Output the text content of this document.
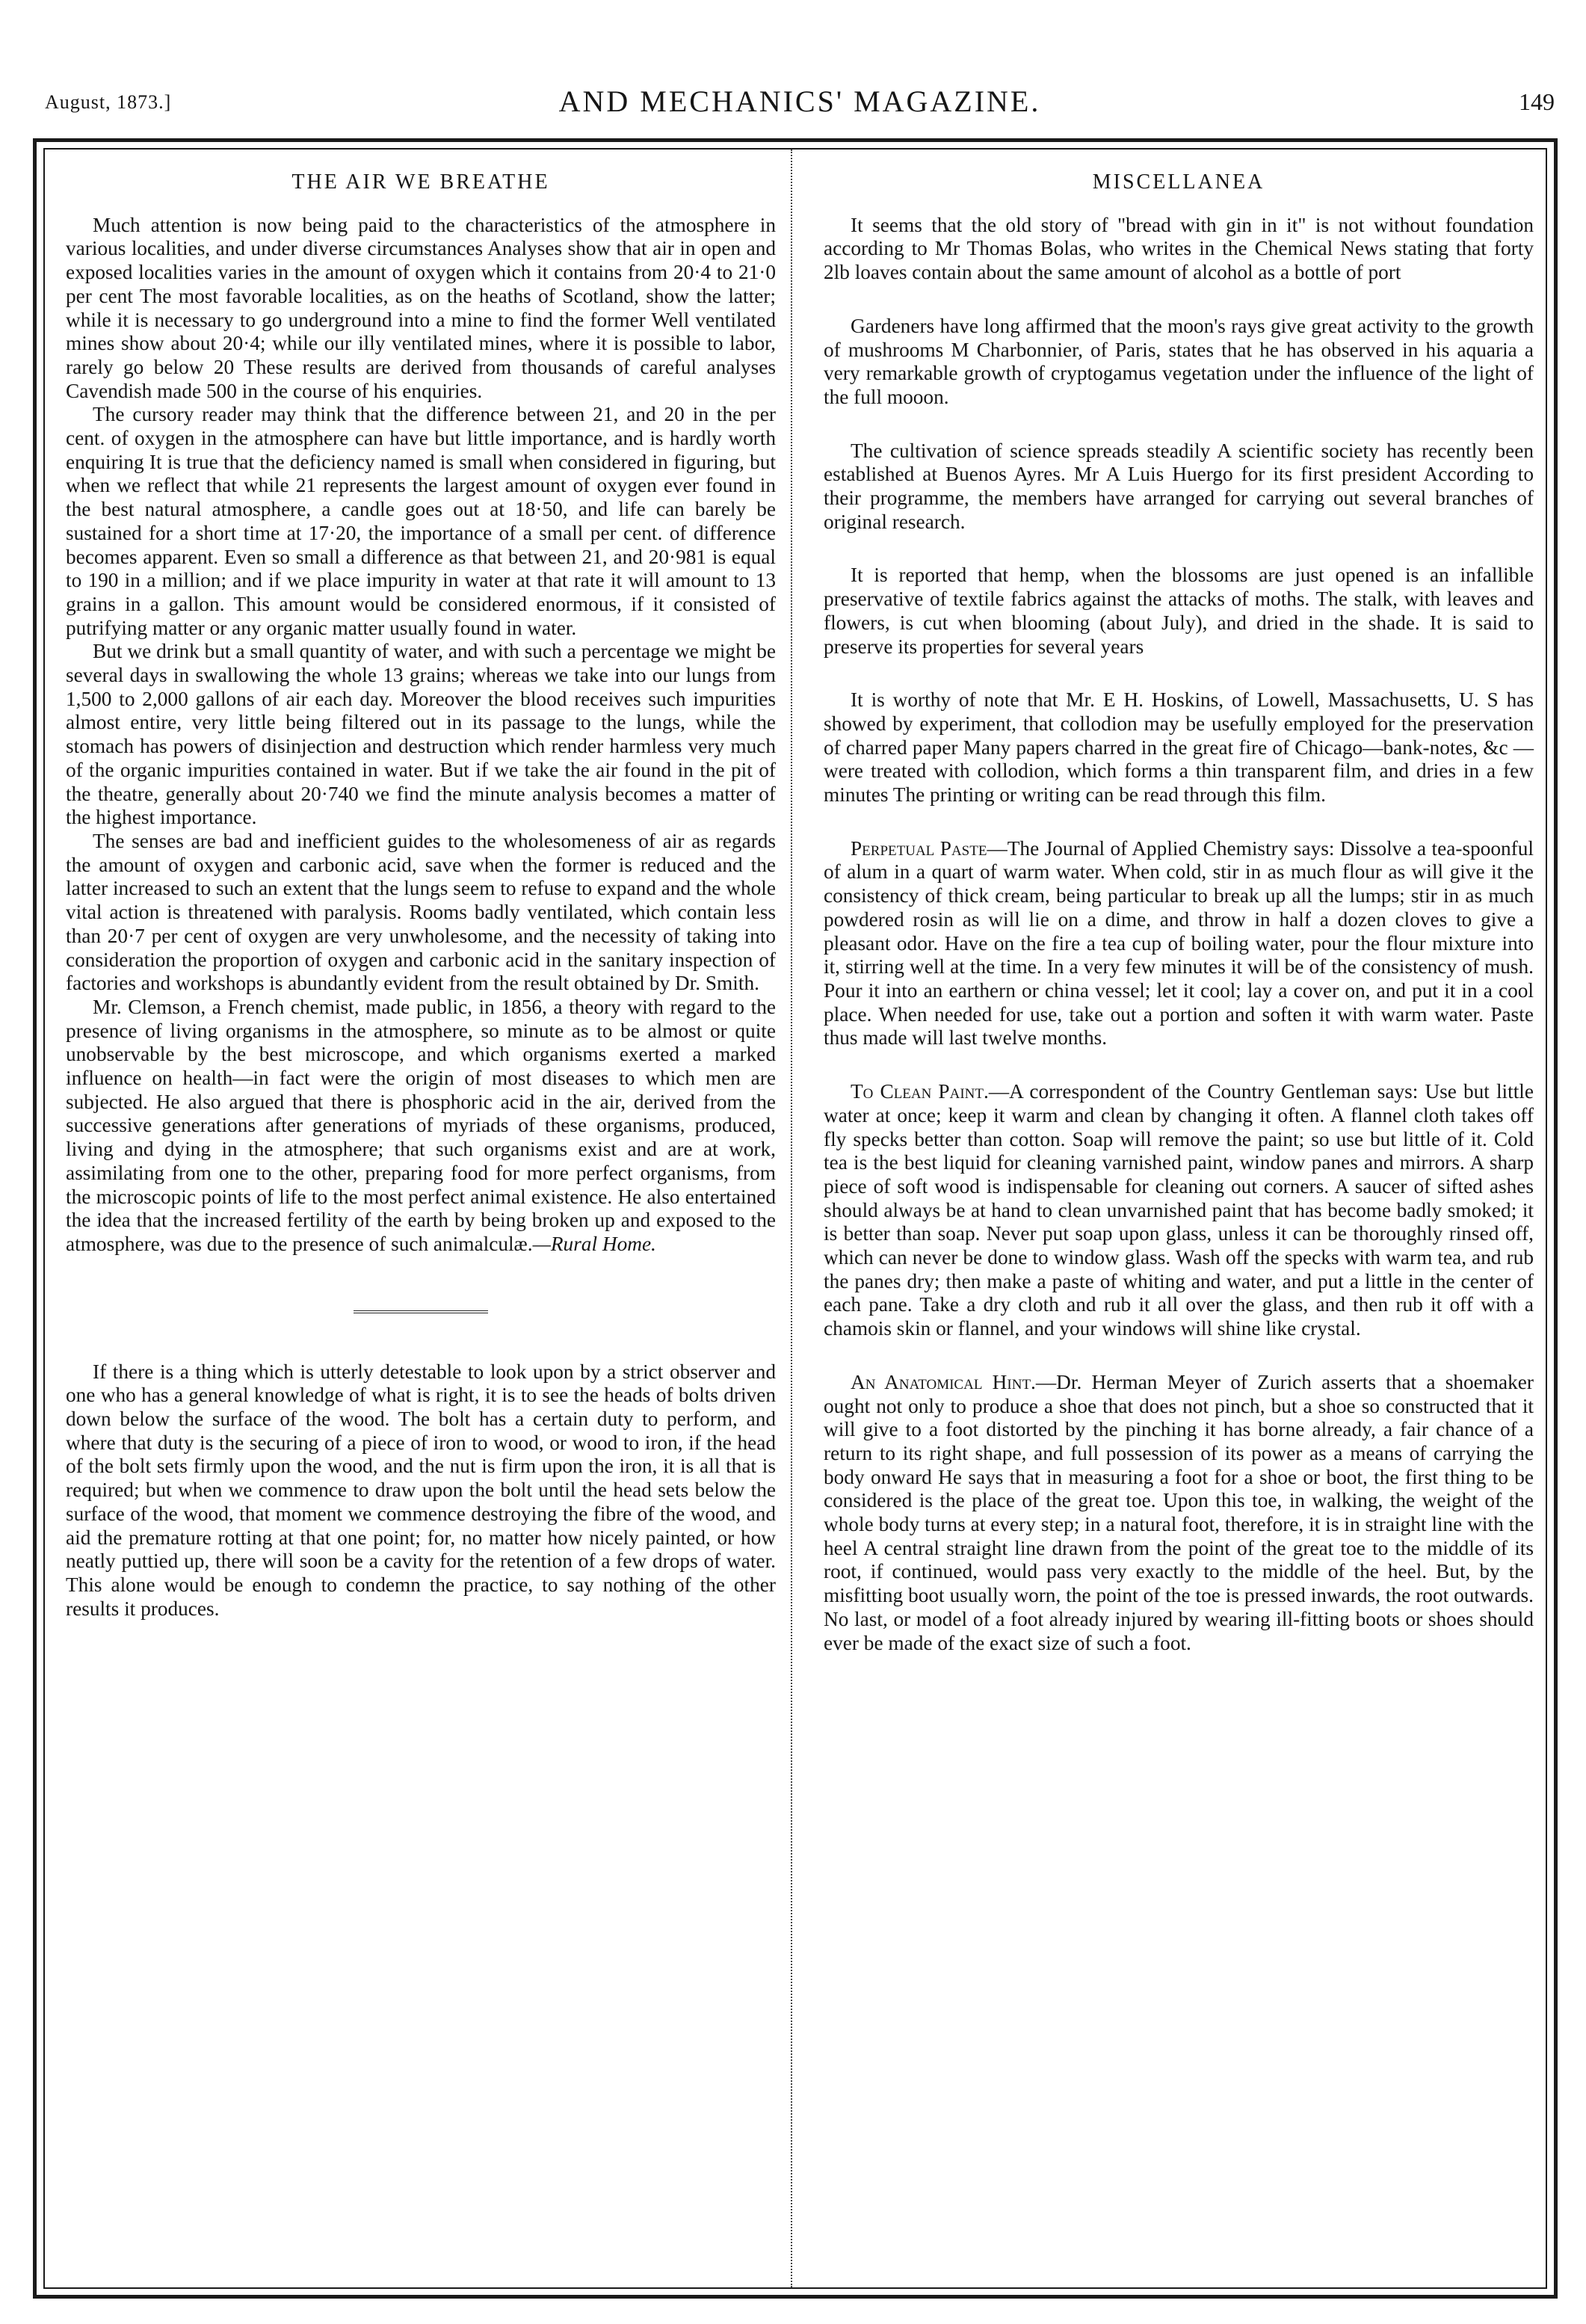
August, 1873.]	AND MECHANICS' MAGAZINE.	149
THE AIR WE BREATHE

Much attention is now being paid to the characteristics of the atmosphere in various localities, and under diverse circumstances Analyses show that air in open and exposed localities varies in the amount of oxygen which it contains from 20·4 to 21·0 per cent The most favorable localities, as on the heaths of Scotland, show the latter; while it is necessary to go underground into a mine to find the former Well ventilated mines show about 20·4; while our illy ventilated mines, where it is possible to labor, rarely go below 20 These results are derived from thousands of careful analyses Cavendish made 500 in the course of his enquiries.

The cursory reader may think that the difference between 21, and 20 in the per cent. of oxygen in the atmosphere can have but little importance, and is hardly worth enquiring It is true that the deficiency named is small when considered in figuring, but when we reflect that while 21 represents the largest amount of oxygen ever found in the best natural atmosphere, a candle goes out at 18·50, and life can barely be sustained for a short time at 17·20, the importance of a small per cent. of difference becomes apparent. Even so small a difference as that between 21, and 20·981 is equal to 190 in a million; and if we place impurity in water at that rate it will amount to 13 grains in a gallon. This amount would be considered enormous, if it consisted of putrifying matter or any organic matter usually found in water.

But we drink but a small quantity of water, and with such a percentage we might be several days in swallowing the whole 13 grains; whereas we take into our lungs from 1,500 to 2,000 gallons of air each day. Moreover the blood receives such impurities almost entire, very little being filtered out in its passage to the lungs, while the stomach has powers of disinjection and destruction which render harmless very much of the organic impurities contained in water. But if we take the air found in the pit of the theatre, generally about 20·740 we find the minute analysis becomes a matter of the highest importance.

The senses are bad and inefficient guides to the wholesomeness of air as regards the amount of oxygen and carbonic acid, save when the former is reduced and the latter increased to such an extent that the lungs seem to refuse to expand and the whole vital action is threatened with paralysis. Rooms badly ventilated, which contain less than 20·7 per cent of oxygen are very unwholesome, and the necessity of taking into consideration the proportion of oxygen and carbonic acid in the sanitary inspection of factories and workshops is abundantly evident from the result obtained by Dr. Smith.

Mr. Clemson, a French chemist, made public, in 1856, a theory with regard to the presence of living organisms in the atmosphere, so minute as to be almost or quite unobservable by the best microscope, and which organisms exerted a marked influence on health—in fact were the origin of most diseases to which men are subjected. He also argued that there is phosphoric acid in the air, derived from the successive generations after generations of myriads of these organisms, produced, living and dying in the atmosphere; that such organisms exist and are at work, assimilating from one to the other, preparing food for more perfect organisms, from the microscopic points of life to the most perfect animal existence. He also entertained the idea that the increased fertility of the earth by being broken up and exposed to the atmosphere, was due to the presence of such animalculæ.—Rural Home.

If there is a thing which is utterly detestable to look upon by a strict observer and one who has a general knowledge of what is right, it is to see the heads of bolts driven down below the surface of the wood. The bolt has a certain duty to perform, and where that duty is the securing of a piece of iron to wood, or wood to iron, if the head of the bolt sets firmly upon the wood, and the nut is firm upon the iron, it is all that is required; but when we commence to draw upon the bolt until the head sets below the surface of the wood, that moment we commence destroying the fibre of the wood, and aid the premature rotting at that one point; for, no matter how nicely painted, or how neatly puttied up, there will soon be a cavity for the retention of a few drops of water. This alone would be enough to condemn the practice, to say nothing of the other results it produces.

MISCELLANEA

It seems that the old story of "bread with gin in it" is not without foundation according to Mr Thomas Bolas, who writes in the Chemical News stating that forty 2lb loaves contain about the same amount of alcohol as a bottle of port

Gardeners have long affirmed that the moon's rays give great activity to the growth of mushrooms M Charbonnier, of Paris, states that he has observed in his aquaria a very remarkable growth of cryptogamus vegetation under the influence of the light of the full mooon.

The cultivation of science spreads steadily A scientific society has recently been established at Buenos Ayres. Mr A Luis Huergo for its first president According to their programme, the members have arranged for carrying out several branches of original research.

It is reported that hemp, when the blossoms are just opened is an infallible preservative of textile fabrics against the attacks of moths. The stalk, with leaves and flowers, is cut when blooming (about July), and dried in the shade. It is said to preserve its properties for several years

It is worthy of note that Mr. E H. Hoskins, of Lowell, Massachusetts, U. S has showed by experiment, that collodion may be usefully employed for the preservation of charred paper Many papers charred in the great fire of Chicago—bank-notes, &c —were treated with collodion, which forms a thin transparent film, and dries in a few minutes The printing or writing can be read through this film.

Perpetual Paste—The Journal of Applied Chemistry says: Dissolve a tea-spoonful of alum in a quart of warm water. When cold, stir in as much flour as will give it the consistency of thick cream, being particular to break up all the lumps; stir in as much powdered rosin as will lie on a dime, and throw in half a dozen cloves to give a pleasant odor. Have on the fire a tea cup of boiling water, pour the flour mixture into it, stirring well at the time. In a very few minutes it will be of the consistency of mush. Pour it into an earthern or china vessel; let it cool; lay a cover on, and put it in a cool place. When needed for use, take out a portion and soften it with warm water. Paste thus made will last twelve months.

To Clean Paint.—A correspondent of the Country Gentleman says: Use but little water at once; keep it warm and clean by changing it often. A flannel cloth takes off fly specks better than cotton. Soap will remove the paint; so use but little of it. Cold tea is the best liquid for cleaning varnished paint, window panes and mirrors. A sharp piece of soft wood is indispensable for cleaning out corners. A saucer of sifted ashes should always be at hand to clean unvarnished paint that has become badly smoked; it is better than soap. Never put soap upon glass, unless it can be thoroughly rinsed off, which can never be done to window glass. Wash off the specks with warm tea, and rub the panes dry; then make a paste of whiting and water, and put a little in the center of each pane. Take a dry cloth and rub it all over the glass, and then rub it off with a chamois skin or flannel, and your windows will shine like crystal.

An Anatomical Hint.—Dr. Herman Meyer of Zurich asserts that a shoemaker ought not only to produce a shoe that does not pinch, but a shoe so constructed that it will give to a foot distorted by the pinching it has borne already, a fair chance of a return to its right shape, and full possession of its power as a means of carrying the body onward He says that in measuring a foot for a shoe or boot, the first thing to be considered is the place of the great toe. Upon this toe, in walking, the weight of the whole body turns at every step; in a natural foot, therefore, it is in straight line with the heel A central straight line drawn from the point of the great toe to the middle of its root, if continued, would pass very exactly to the middle of the heel. But, by the misfitting boot usually worn, the point of the toe is pressed inwards, the root outwards. No last, or model of a foot already injured by wearing ill-fitting boots or shoes should ever be made of the exact size of such a foot.
